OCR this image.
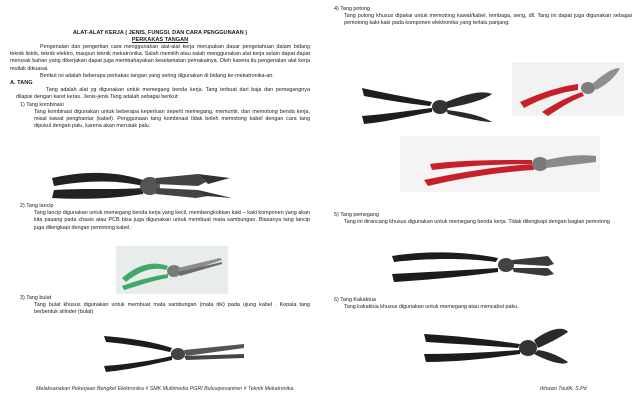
ALAT-ALAT KERJA ( JENIS, FUNGSI, DAN CARA PENGGUNAAN )
PERKAKAS TANGAN

Pengenalan dan pengertian cara menggunakan alat-alat kerja merupakan dasar pengetahuan dalam bidang teknik listrik, teknik elektro, maupun teknik mekatronika. Salah memilih atau salah menggunakan alat kerja selain dapat dapat merusak bahan yang dikerjakan dapat juga membahayakan keselamatan pemakainya. Oleh karena itu pengenalan alat kerja mutlak dikuasai.

Berikut ini adalah beberapa perkakas tangan yang sering digunakan di bidang ke-mekatronika-an:

A. TANG

Tang adalah alat yg digunakan untuk memegang benda kerja. Tang terbuat dari baja dan pemegangnya dilapisi dengan karet keras. Jenis-jenis Tang adalah sebagai berikut:

1) Tang kombinasi
Tang kombinasi digunakan untuk beberapa keperluan seperti memegang, memuntir, dan memotong benda kerja, misal kawat penghantar (kabel). Penggunaan tang kombinasi tidak boleh memotong kabel dengan cara tang dipukul dengan palu, karena akan merusak palu.
2) Tang lancip
Tang lancip digunakan untuk memegang benda kerja yang kecil, membengkokkan kaki – kaki komponen yang akan kita pasang pada chasis atau PCB bisa juga digunakan untuk membuat mata sambungan. Biasanya tang lancip juga dilengkapi dengan pemotong kabel.
3) Tang bulat
Tang bulat khusus digunakan untuk membuat mata sambungan (mata itik) pada ujung kabel . Kepala tang berbentuk silinder (bulat)
4) Tang potong
Tang potong khusus dipakai untuk memotong kawat/kabel, tembaga, seng, dll. Tang ini dapat juga digunakan sebagai pemotong kaki-kaki pada komponen elektronika yang terlalu panjang.
5) Tang pemegang
Tang ini dirancang khusus digunakan untuk memegang benda kerja. Tidak dilengkapi dengan bagian pemotong
6) Tang Kakaktua
Tang kakaktua khusus digunakan untuk memegang atau mencabut paku.
Melaksanakan Pekerjaan Bengkel Elektronika # SMK Multimedia PGRI Bulusipesantren # Teknik Mekatronika	Ikhwan Taufik, S.Pd
